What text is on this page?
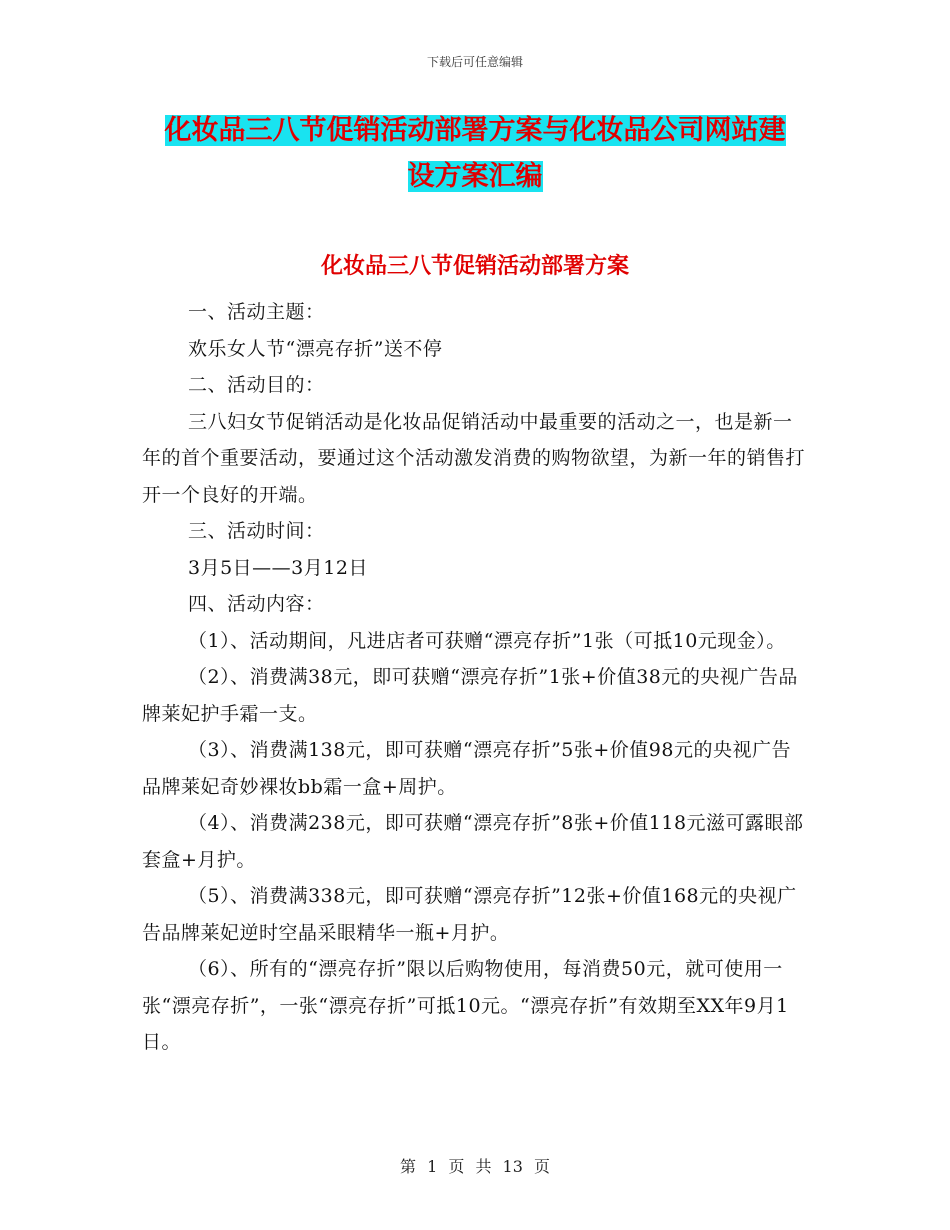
下载后可任意编辑
化妆品三八节促销活动部署方案与化妆品公司网站建
设方案汇编
化妆品三八节促销活动部署方案

一、活动主题：

欢乐女人节“漂亮存折”送不停

二、活动目的：

三八妇女节促销活动是化妆品促销活动中最重要的活动之一，也是新一年的首个重要活动，要通过这个活动激发消费的购物欲望，为新一年的销售打开一个良好的开端。

三、活动时间：

3月5日——3月12日

四、活动内容：

（1）、活动期间，凡进店者可获赠“漂亮存折”1张（可抵10元现金）。

（2）、消费满38元，即可获赠“漂亮存折”1张+价值38元的央视广告品牌莱妃护手霜一支。

（3）、消费满138元，即可获赠“漂亮存折”5张+价值98元的央视广告品牌莱妃奇妙裸妆bb霜一盒+周护。

（4）、消费满238元，即可获赠“漂亮存折”8张+价值118元滋可露眼部套盒+月护。

（5）、消费满338元，即可获赠“漂亮存折”12张+价值168元的央视广告品牌莱妃逆时空晶采眼精华一瓶+月护。

（6）、所有的“漂亮存折”限以后购物使用，每消费50元，就可使用一张“漂亮存折”，一张“漂亮存折”可抵10元。“漂亮存折”有效期至XX年9月1日。

第 1 页 共 13 页
